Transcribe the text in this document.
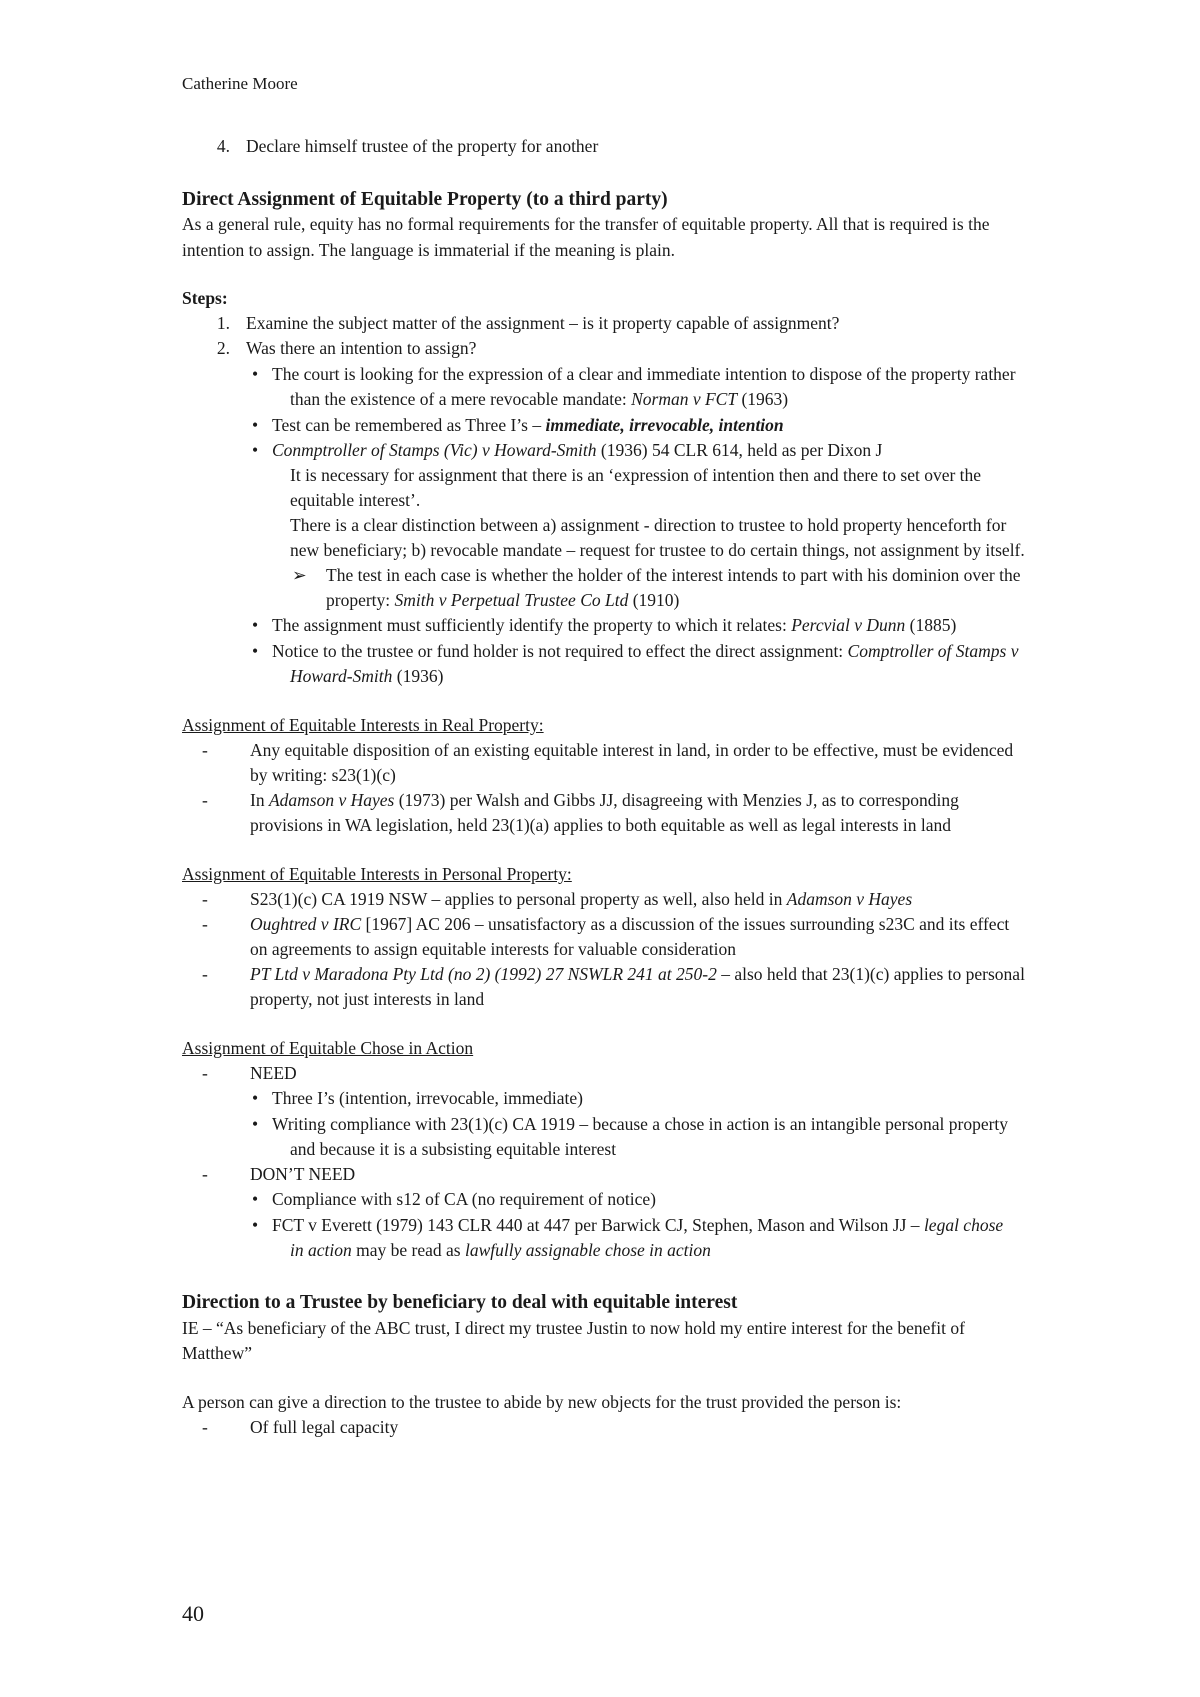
Catherine Moore
4. Declare himself trustee of the property for another
Direct Assignment of Equitable Property (to a third party)
As a general rule, equity has no formal requirements for the transfer of equitable property. All that is required is the
intention to assign. The language is immaterial if the meaning is plain.
Steps:
1. Examine the subject matter of the assignment – is it property capable of assignment?
2. Was there an intention to assign?
• The court is looking for the expression of a clear and immediate intention to dispose of the property rather
than the existence of a mere revocable mandate: Norman v FCT (1963)
• Test can be remembered as Three I’s – immediate, irrevocable, intention
• Conmptroller of Stamps (Vic) v Howard-Smith (1936) 54 CLR 614, held as per Dixon J
It is necessary for assignment that there is an ‘expression of intention then and there to set over the
equitable interest’.
There is a clear distinction between a) assignment - direction to trustee to hold property henceforth for
new beneficiary; b) revocable mandate – request for trustee to do certain things, not assignment by itself.
➢ The test in each case is whether the holder of the interest intends to part with his dominion over the
property: Smith v Perpetual Trustee Co Ltd (1910)
• The assignment must sufficiently identify the property to which it relates: Percvial v Dunn (1885)
• Notice to the trustee or fund holder is not required to effect the direct assignment: Comptroller of Stamps v
Howard-Smith (1936)
Assignment of Equitable Interests in Real Property:
- Any equitable disposition of an existing equitable interest in land, in order to be effective, must be evidenced
by writing: s23(1)(c)
- In Adamson v Hayes (1973) per Walsh and Gibbs JJ, disagreeing with Menzies J, as to corresponding
provisions in WA legislation, held 23(1)(a) applies to both equitable as well as legal interests in land
Assignment of Equitable Interests in Personal Property:
- S23(1)(c) CA 1919 NSW – applies to personal property as well, also held in Adamson v Hayes
- Oughtred v IRC [1967] AC 206 – unsatisfactory as a discussion of the issues surrounding s23C and its effect
on agreements to assign equitable interests for valuable consideration
- PT Ltd v Maradona Pty Ltd (no 2) (1992) 27 NSWLR 241 at 250-2 – also held that 23(1)(c) applies to personal
property, not just interests in land
Assignment of Equitable Chose in Action
- NEED
• Three I’s (intention, irrevocable, immediate)
• Writing compliance with 23(1)(c) CA 1919 – because a chose in action is an intangible personal property
and because it is a subsisting equitable interest
- DON’T NEED
• Compliance with s12 of CA (no requirement of notice)
• FCT v Everett (1979) 143 CLR 440 at 447 per Barwick CJ, Stephen, Mason and Wilson JJ – legal chose
in action may be read as lawfully assignable chose in action
Direction to a Trustee by beneficiary to deal with equitable interest
IE – “As beneficiary of the ABC trust, I direct my trustee Justin to now hold my entire interest for the benefit of
Matthew”
A person can give a direction to the trustee to abide by new objects for the trust provided the person is:
- Of full legal capacity
40
